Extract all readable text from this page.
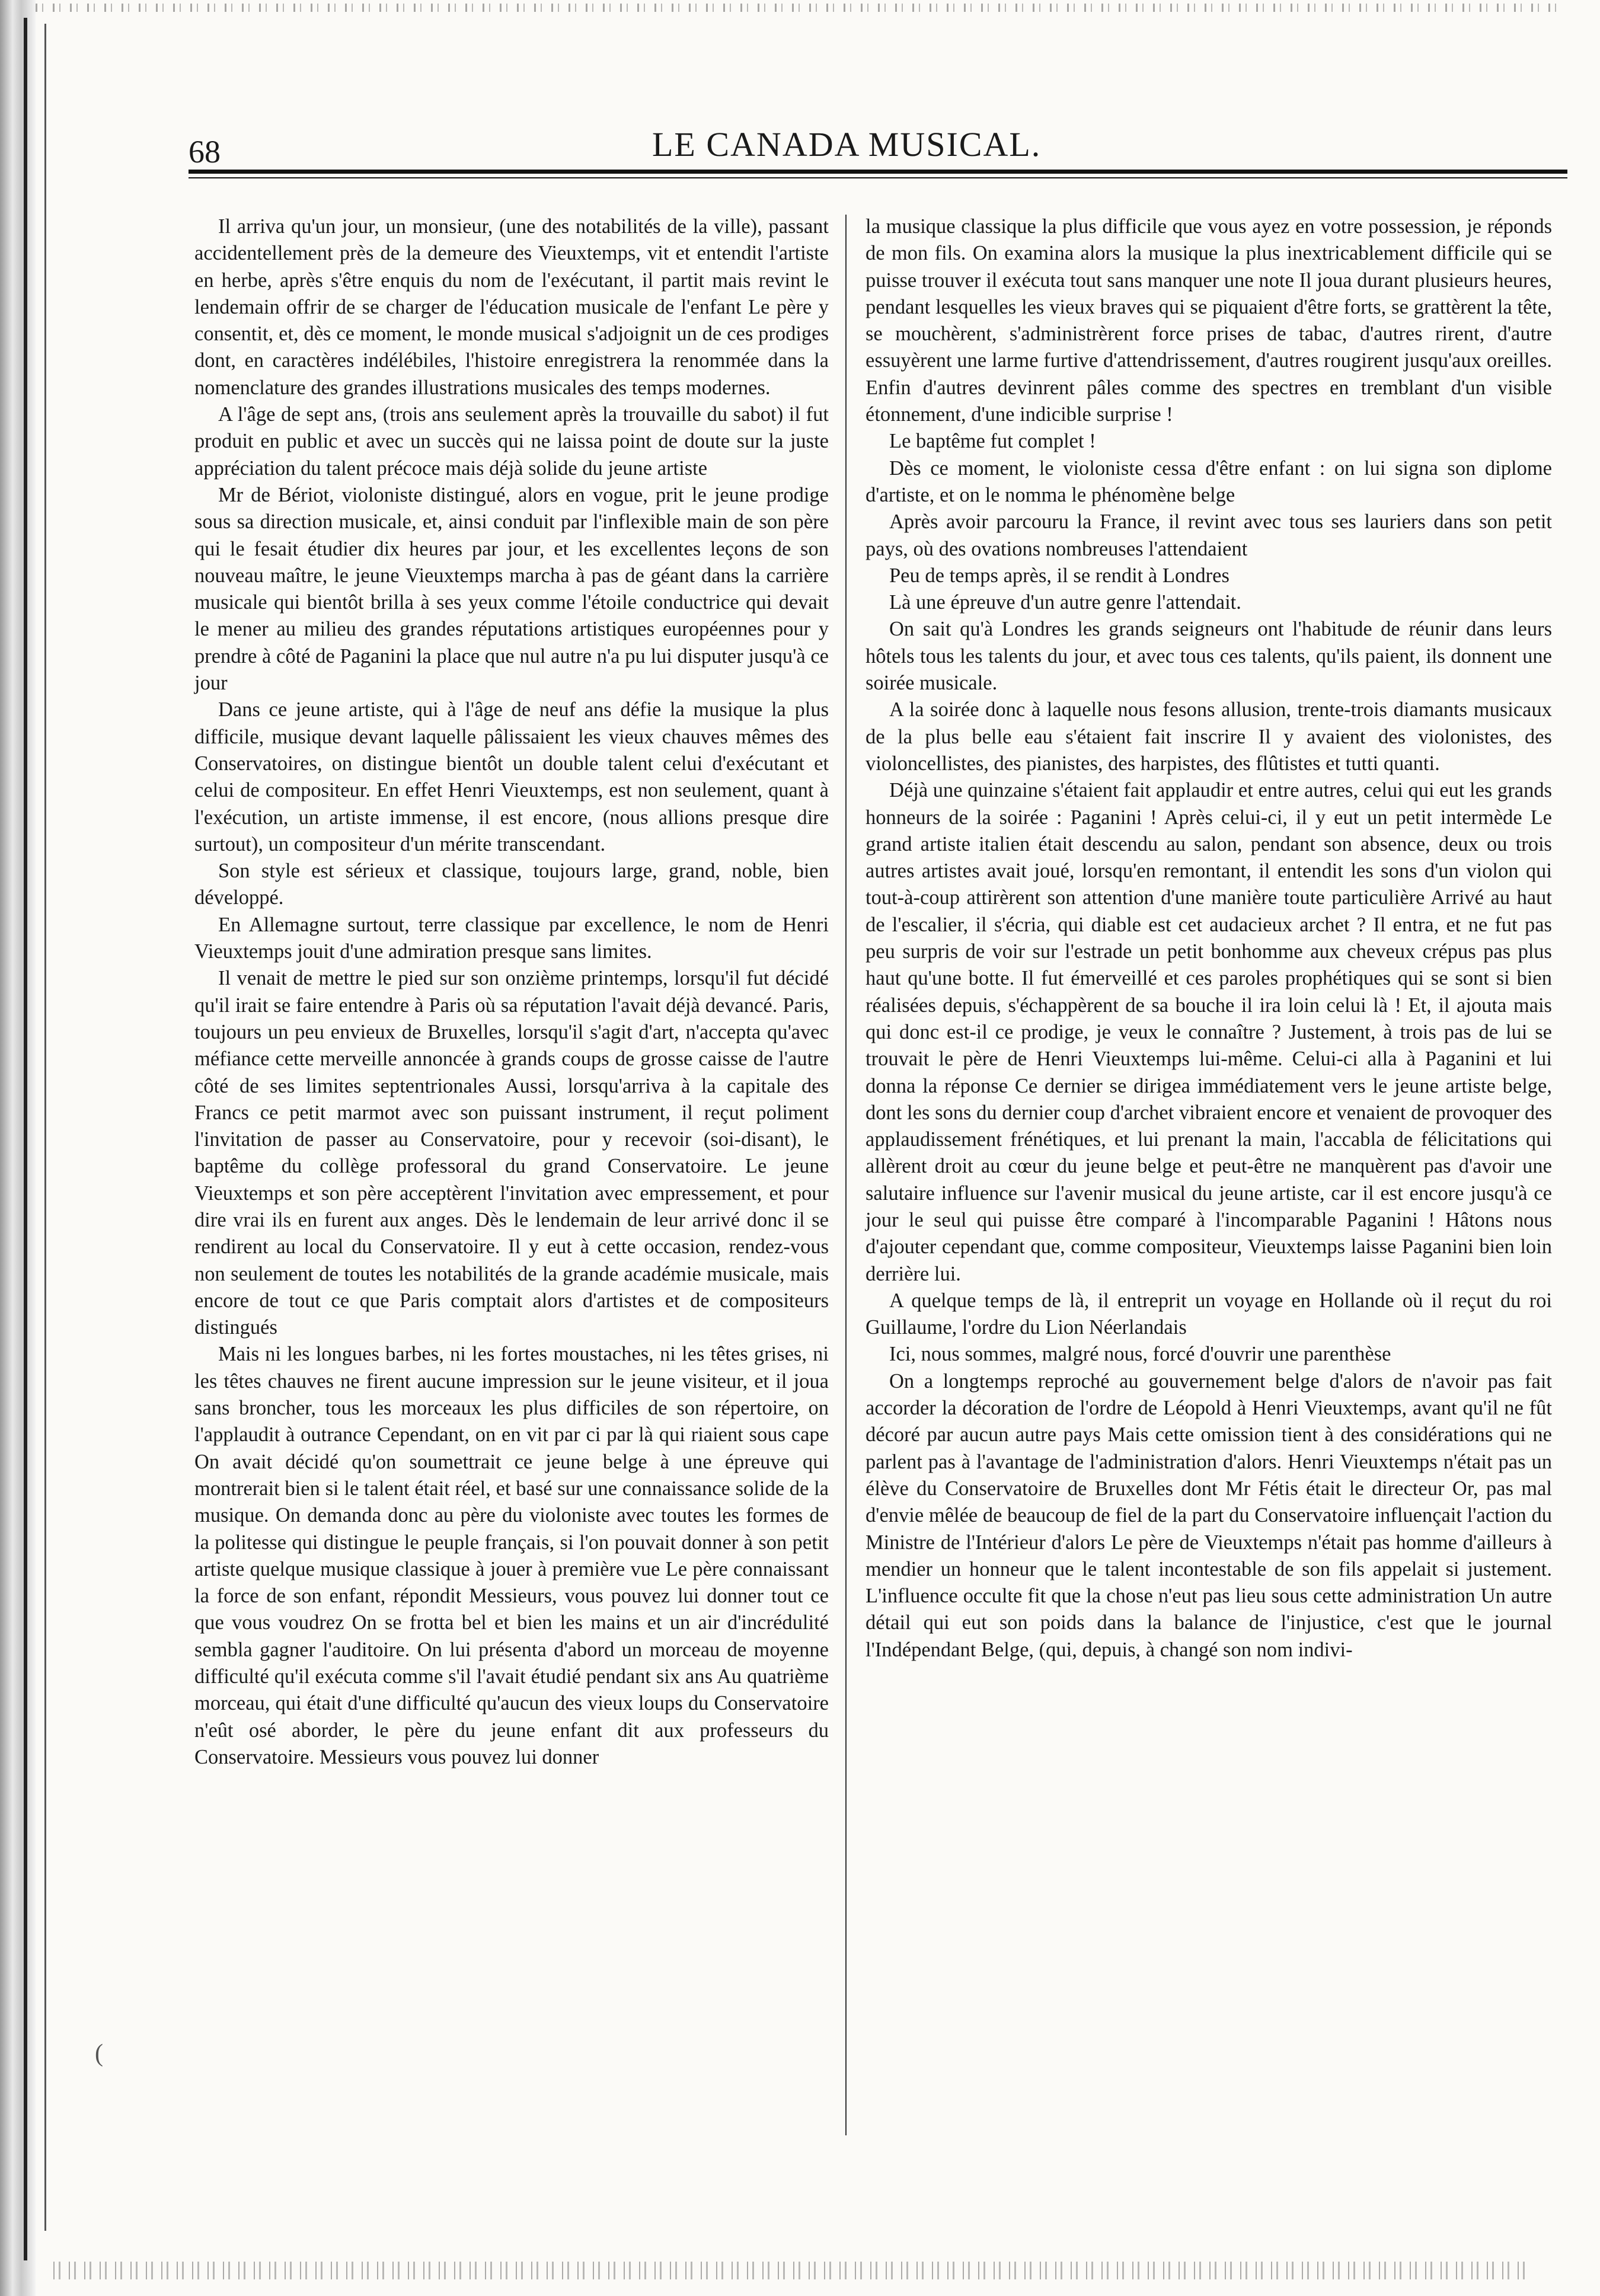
68	LE CANADA MUSICAL.

Il arriva qu'un jour, un monsieur, (une des notabilités de la ville), passant accidentellement près de la demeure des Vieuxtemps, vit et entendit l'artiste en herbe, après s'être enquis du nom de l'exécutant, il partit mais revint le lendemain offrir de se charger de l'éducation musicale de l'enfant Le père y consentit, et, dès ce moment, le monde musical s'adjoignit un de ces prodiges dont, en caractères indélébiles, l'histoire enregistrera la renommée dans la nomenclature des grandes illustrations musicales des temps modernes.

A l'âge de sept ans, (trois ans seulement après la trouvaille du sabot) il fut produit en public et avec un succès qui ne laissa point de doute sur la juste appréciation du talent précoce mais déjà solide du jeune artiste

Mr de Bériot, violoniste distingué, alors en vogue, prit le jeune prodige sous sa direction musicale, et, ainsi conduit par l'inflexible main de son père qui le fesait étudier dix heures par jour, et les excellentes leçons de son nouveau maître, le jeune Vieuxtemps marcha à pas de géant dans la carrière musicale qui bientôt brilla à ses yeux comme l'étoile conductrice qui devait le mener au milieu des grandes réputations artistiques européennes pour y prendre à côté de Paganini la place que nul autre n'a pu lui disputer jusqu'à ce jour

Dans ce jeune artiste, qui à l'âge de neuf ans défie la musique la plus difficile, musique devant laquelle pâlissaient les vieux chauves mêmes des Conservatoires, on distingue bientôt un double talent celui d'exécutant et celui de compositeur. En effet Henri Vieuxtemps, est non seulement, quant à l'exécution, un artiste immense, il est encore, (nous allions presque dire surtout), un compositeur d'un mérite transcendant.

Son style est sérieux et classique, toujours large, grand, noble, bien développé.

En Allemagne surtout, terre classique par excellence, le nom de Henri Vieuxtemps jouit d'une admiration presque sans limites.

Il venait de mettre le pied sur son onzième printemps, lorsqu'il fut décidé qu'il irait se faire entendre à Paris où sa réputation l'avait déjà devancé. Paris, toujours un peu envieux de Bruxelles, lorsqu'il s'agit d'art, n'accepta qu'avec méfiance cette merveille annoncée à grands coups de grosse caisse de l'autre côté de ses limites septentrionales Aussi, lorsqu'arriva à la capitale des Francs ce petit marmot avec son puissant instrument, il reçut poliment l'invitation de passer au Conservatoire, pour y recevoir (soi-disant), le baptême du collège professoral du grand Conservatoire. Le jeune Vieuxtemps et son père acceptèrent l'invitation avec empressement, et pour dire vrai ils en furent aux anges. Dès le lendemain de leur arrivé donc il se rendirent au local du Conservatoire. Il y eut à cette occasion, rendez-vous non seulement de toutes les notabilités de la grande académie musicale, mais encore de tout ce que Paris comptait alors d'artistes et de compositeurs distingués

Mais ni les longues barbes, ni les fortes moustaches, ni les têtes grises, ni les têtes chauves ne firent aucune impression sur le jeune visiteur, et il joua sans broncher, tous les morceaux les plus difficiles de son répertoire, on l'applaudit à outrance Cependant, on en vit par ci par là qui riaient sous cape On avait décidé qu'on soumettrait ce jeune belge à une épreuve qui montrerait bien si le talent était réel, et basé sur une connaissance solide de la musique. On demanda donc au père du violoniste avec toutes les formes de la politesse qui distingue le peuple français, si l'on pouvait donner à son petit artiste quelque musique classique à jouer à première vue Le père connaissant la force de son enfant, répondit Messieurs, vous pouvez lui donner tout ce que vous voudrez On se frotta bel et bien les mains et un air d'incrédulité sembla gagner l'auditoire. On lui présenta d'abord un morceau de moyenne difficulté qu'il exécuta comme s'il l'avait étudié pendant six ans Au quatrième morceau, qui était d'une difficulté qu'aucun des vieux loups du Conservatoire n'eût osé aborder, le père du jeune enfant dit aux professeurs du Conservatoire. Messieurs vous pouvez lui donner

la musique classique la plus difficile que vous ayez en votre possession, je réponds de mon fils. On examina alors la musique la plus inextricablement difficile qui se puisse trouver il exécuta tout sans manquer une note Il joua durant plusieurs heures, pendant lesquelles les vieux braves qui se piquaient d'être forts, se grattèrent la tête, se mouchèrent, s'administrèrent force prises de tabac, d'autres rirent, d'autre essuyèrent une larme furtive d'attendrissement, d'autres rougirent jusqu'aux oreilles. Enfin d'autres devinrent pâles comme des spectres en tremblant d'un visible étonnement, d'une indicible surprise !

Le baptême fut complet !

Dès ce moment, le violoniste cessa d'être enfant : on lui signa son diplome d'artiste, et on le nomma le phénomène belge

Après avoir parcouru la France, il revint avec tous ses lauriers dans son petit pays, où des ovations nombreuses l'attendaient

Peu de temps après, il se rendit à Londres

Là une épreuve d'un autre genre l'attendait.

On sait qu'à Londres les grands seigneurs ont l'habitude de réunir dans leurs hôtels tous les talents du jour, et avec tous ces talents, qu'ils paient, ils donnent une soirée musicale.

A la soirée donc à laquelle nous fesons allusion, trente-trois diamants musicaux de la plus belle eau s'étaient fait inscrire Il y avaient des violonistes, des violoncellistes, des pianistes, des harpistes, des flûtistes et tutti quanti.

Déjà une quinzaine s'étaient fait applaudir et entre autres, celui qui eut les grands honneurs de la soirée : Paganini ! Après celui-ci, il y eut un petit intermède Le grand artiste italien était descendu au salon, pendant son absence, deux ou trois autres artistes avait joué, lorsqu'en remontant, il entendit les sons d'un violon qui tout-à-coup attirèrent son attention d'une manière toute particulière Arrivé au haut de l'escalier, il s'écria, qui diable est cet audacieux archet ? Il entra, et ne fut pas peu surpris de voir sur l'estrade un petit bonhomme aux cheveux crépus pas plus haut qu'une botte. Il fut émerveillé et ces paroles prophétiques qui se sont si bien réalisées depuis, s'échappèrent de sa bouche il ira loin celui là ! Et, il ajouta mais qui donc est-il ce prodige, je veux le connaître ? Justement, à trois pas de lui se trouvait le père de Henri Vieuxtemps lui-même. Celui-ci alla à Paganini et lui donna la réponse Ce dernier se dirigea immédiatement vers le jeune artiste belge, dont les sons du dernier coup d'archet vibraient encore et venaient de provoquer des applaudissement frénétiques, et lui prenant la main, l'accabla de félicitations qui allèrent droit au cœur du jeune belge et peut-être ne manquèrent pas d'avoir une salutaire influence sur l'avenir musical du jeune artiste, car il est encore jusqu'à ce jour le seul qui puisse être comparé à l'incomparable Paganini ! Hâtons nous d'ajouter cependant que, comme compositeur, Vieuxtemps laisse Paganini bien loin derrière lui.

A quelque temps de là, il entreprit un voyage en Hollande où il reçut du roi Guillaume, l'ordre du Lion Néerlandais

Ici, nous sommes, malgré nous, forcé d'ouvrir une parenthèse

On a longtemps reproché au gouvernement belge d'alors de n'avoir pas fait accorder la décoration de l'ordre de Léopold à Henri Vieuxtemps, avant qu'il ne fût décoré par aucun autre pays Mais cette omission tient à des considérations qui ne parlent pas à l'avantage de l'administration d'alors. Henri Vieuxtemps n'était pas un élève du Conservatoire de Bruxelles dont Mr Fétis était le directeur Or, pas mal d'envie mêlée de beaucoup de fiel de la part du Conservatoire influençait l'action du Ministre de l'Intérieur d'alors Le père de Vieuxtemps n'était pas homme d'ailleurs à mendier un honneur que le talent incontestable de son fils appelait si justement. L'influence occulte fit que la chose n'eut pas lieu sous cette administration Un autre détail qui eut son poids dans la balance de l'injustice, c'est que le journal l'Indépendant Belge, (qui, depuis, à changé son nom indivi-

(
